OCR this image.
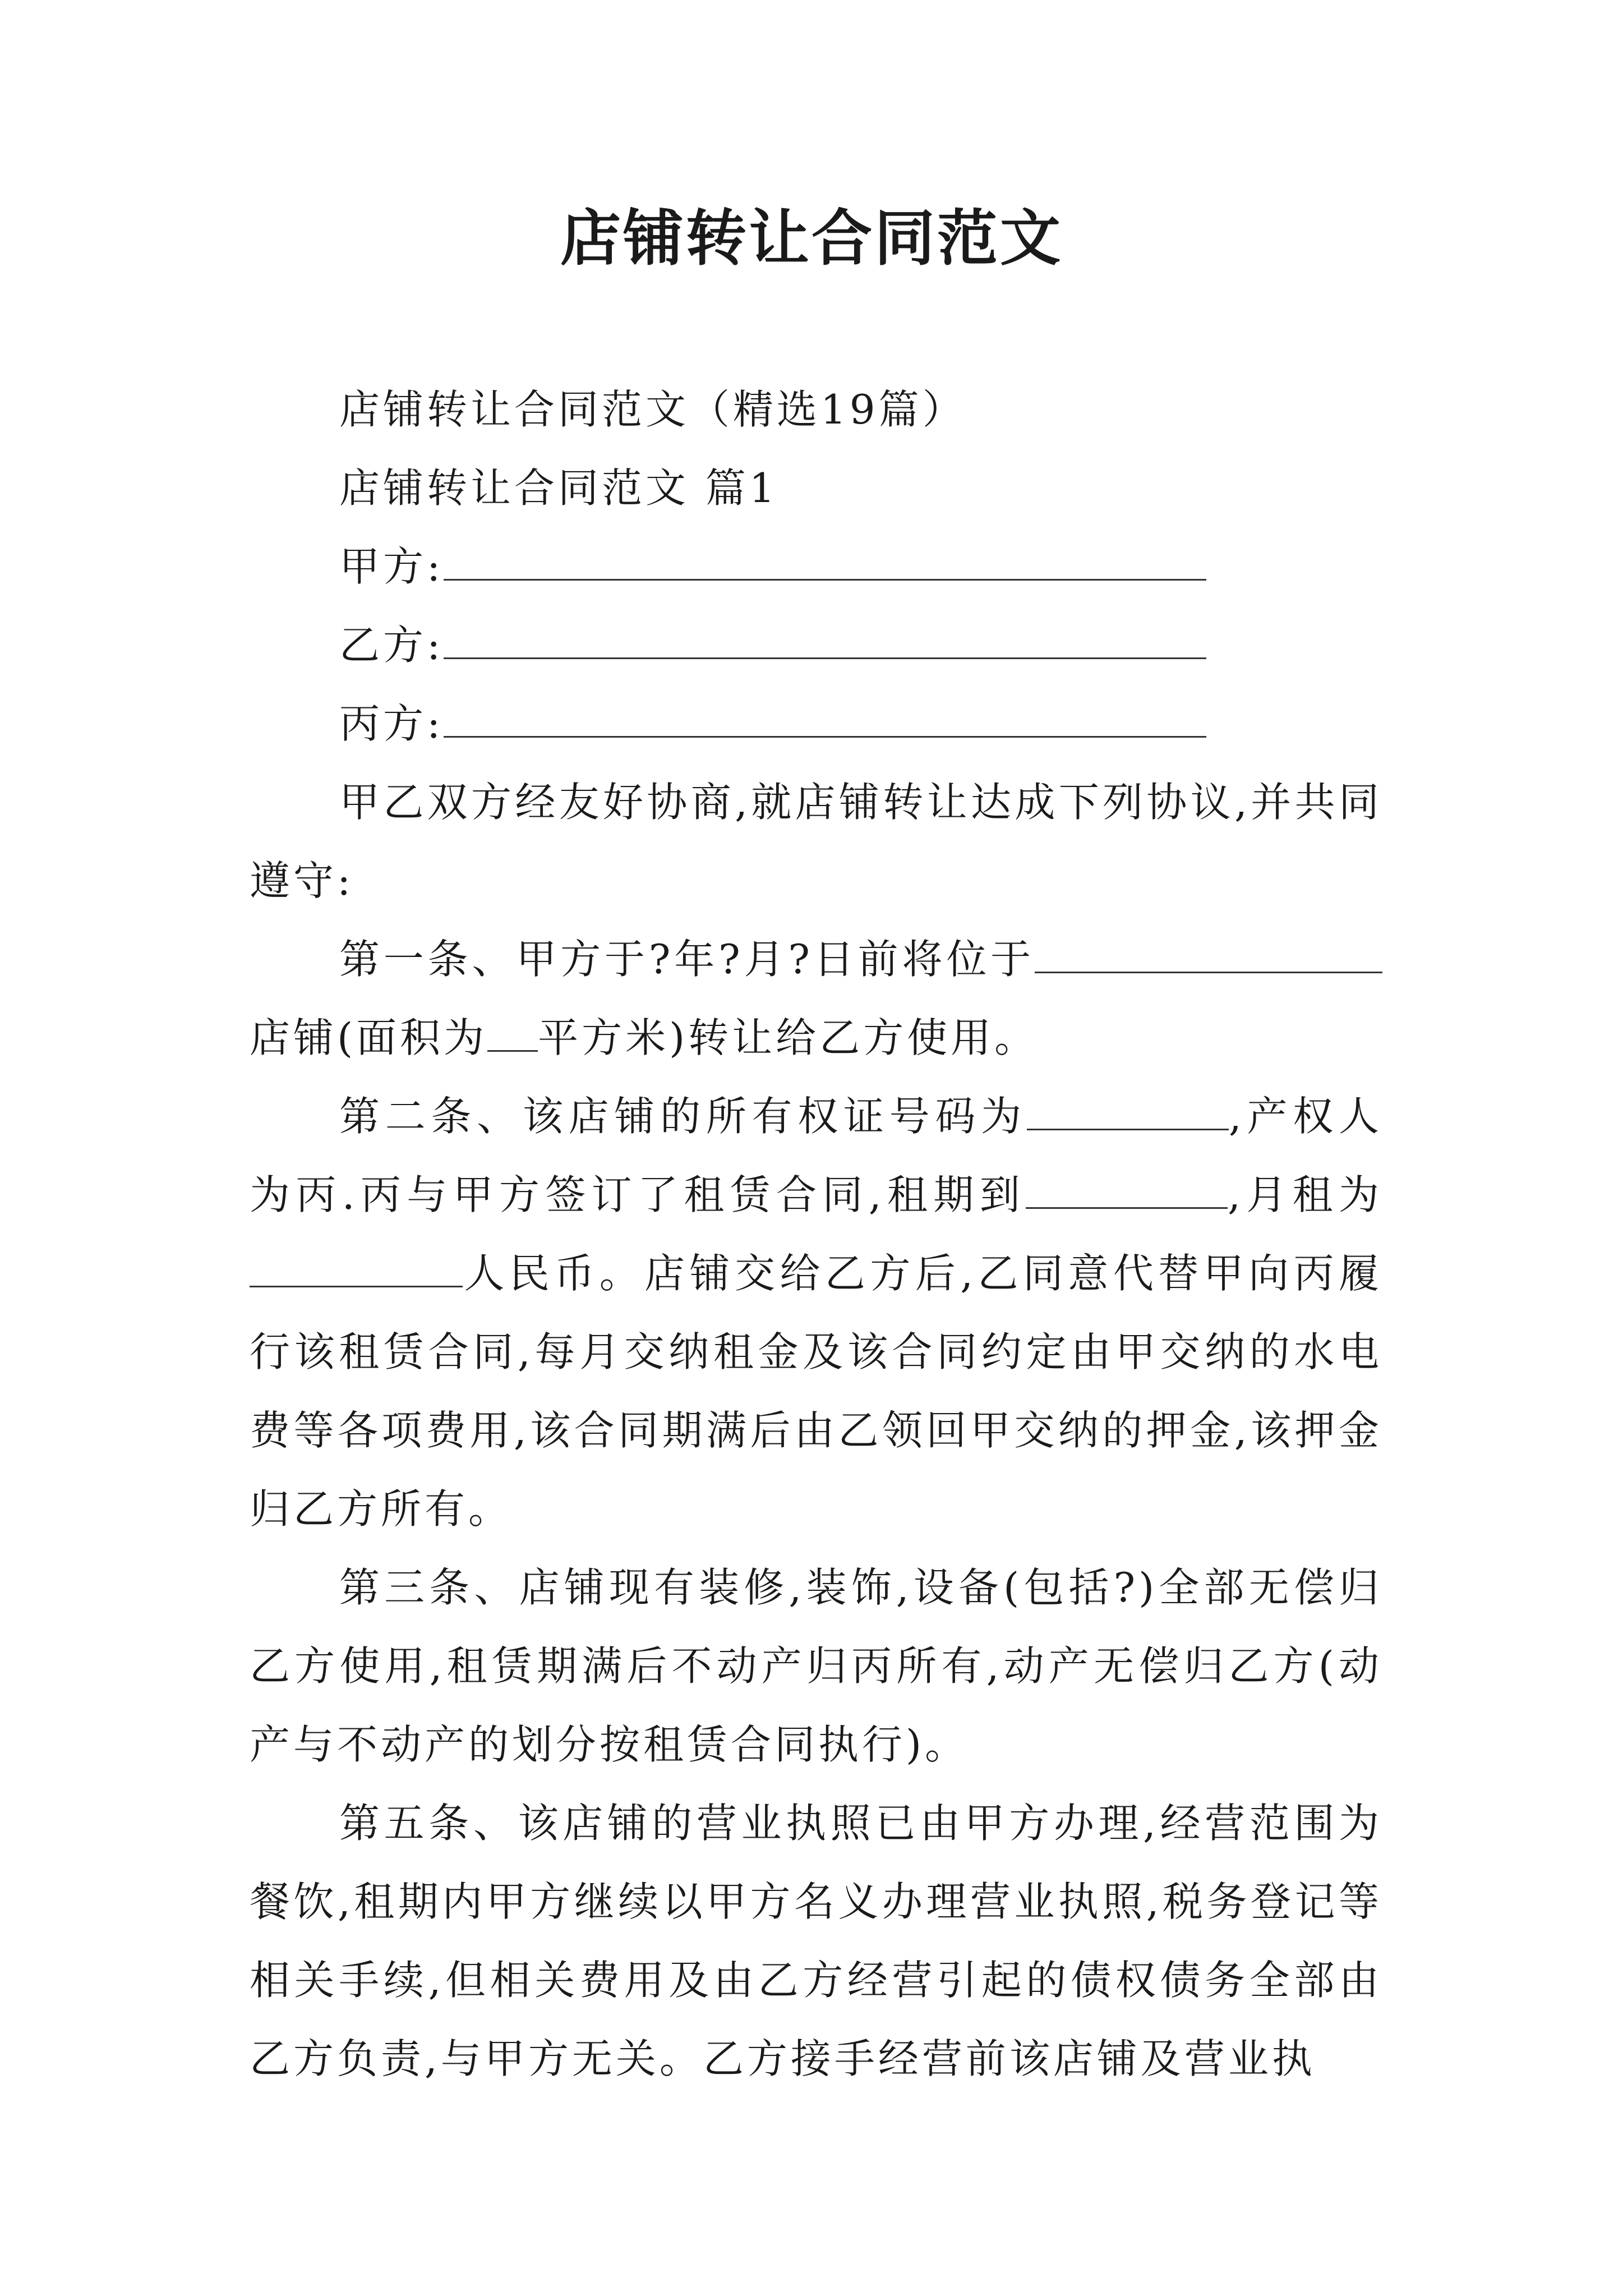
店铺转让合同范文
店铺转让合同范文（精选19篇）
店铺转让合同范文 篇1
甲方:
乙方:
丙方:
甲乙双方经友好协商,就店铺转让达成下列协议,并共同遵守:
第一条、甲方于?年?月?日前将位于店铺(面积为 平方米)转让给乙方使用。
第二条、该店铺的所有权证号码为	,产权人为丙.丙与甲方签订了租赁合同,租期到	,月租为人民币。店铺交给乙方后,乙同意代替甲向丙履行该租赁合同,每月交纳租金及该合同约定由甲交纳的水电费等各项费用,该合同期满后由乙领回甲交纳的押金,该押金归乙方所有。
第三条、店铺现有装修,装饰,设备(包括?)全部无偿归乙方使用,租赁期满后不动产归丙所有,动产无偿归乙方(动产与不动产的划分按租赁合同执行)。
第五条、该店铺的营业执照已由甲方办理,经营范围为餐饮,租期内甲方继续以甲方名义办理营业执照,税务登记等相关手续,但相关费用及由乙方经营引起的债权债务全部由乙方负责,与甲方无关。乙方接手经营前该店铺及营业执
